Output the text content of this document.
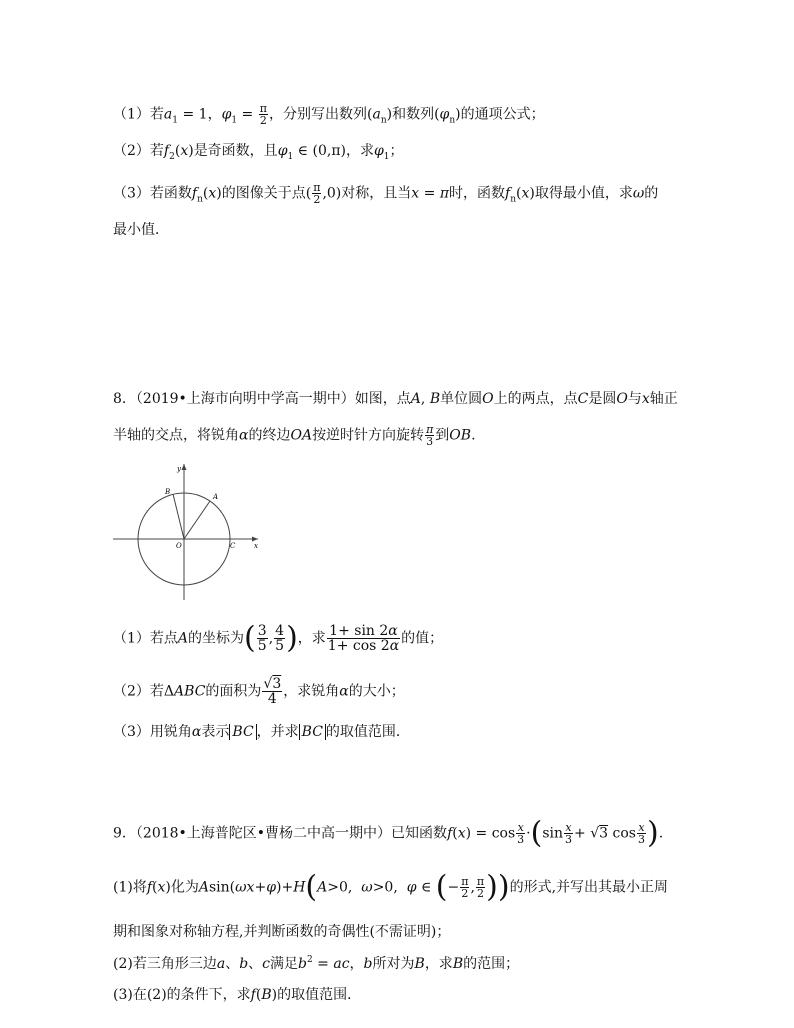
（1）若$a_1 = 1$，$\varphi_1 = \frac{\pi}{2}$ ，分别写出数列$(a_n)$和数列$(\varphi_n)$的通项公式；
（2）若$f_2(x)$是奇函数，且$\varphi_1$ ∈ (0,π)，求$\varphi_1$；
（3）若函数$f_n(x)$的图像关于点( $\frac{\pi}{2} ,0$)对称，且当x = π时，函数$f_n(x)$取得最小值，求ω的
最小值．
8．（2019•上海市向明中学高一期中）如图，点A, B单位圆O上的两点，点C是圆O与x轴正
半轴的交点，将锐角α的终边OA按逆时针方向旋转 $\frac{\pi}{3}$ 到OB.
y
x
O
A
B
C
（1）若点A的坐标为( $\frac{3}{5}$ , $\frac{4}{5}$ )，求 $\frac{1+ \sin 2\alpha}{1+ \cos 2\alpha}$ 的值；
（2）若ΔABC的面积为 $\frac{√3}{4}$ ，求锐角α的大小；
（3）用锐角α表示 BC ，并求 BC 的取值范围．
9．（2018•上海普陀区•曹杨二中高一期中）已知函数$f(x) = \cos \frac{x}{3} \cdot(\sin \frac{x}{3} + √3$ $\cos \frac{x}{3}$ ).
(1)将f(x)化为Asin(ωx+φ)+H(A>0,  ω>0,  φ ∈ (− $\frac{\pi}{2}$ , $\frac{\pi}{2}$ ))的形式,并写出其最小正周
期和图象对称轴方程,并判断函数的奇偶性(不需证明)；
(2)若三角形三边a、b、c满足$b^2$ = ac，b所对为B，求B的范围；
(3)在(2)的条件下，求f(B)的取值范围．
